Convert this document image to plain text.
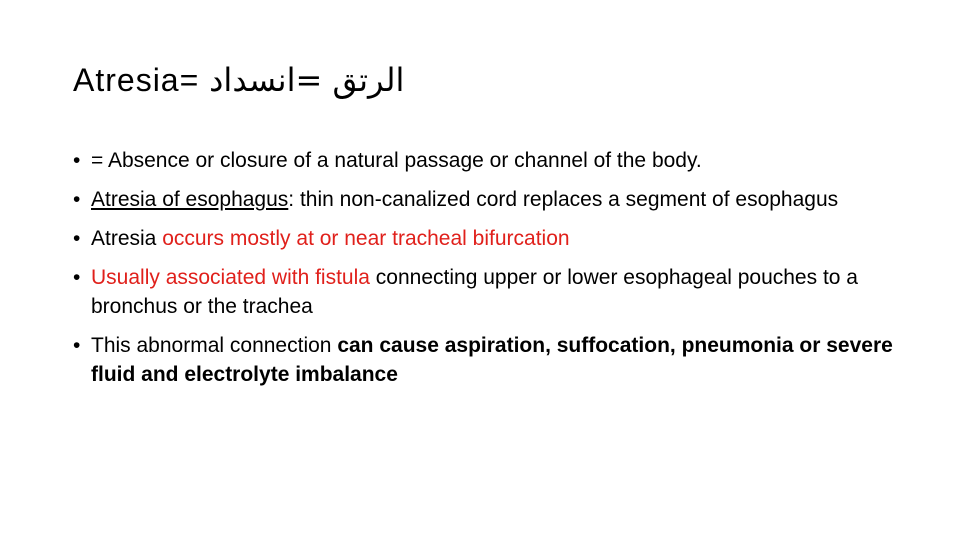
Atresia= الرتق =انسداد
• = Absence or closure of a natural passage or channel of the body.
• Atresia of esophagus: thin non-canalized cord replaces a segment of esophagus
• Atresia occurs mostly at or near tracheal bifurcation
• Usually associated with fistula connecting upper or lower esophageal pouches to a bronchus or the trachea
• This abnormal connection can cause aspiration, suffocation, pneumonia or severe fluid and electrolyte imbalance
